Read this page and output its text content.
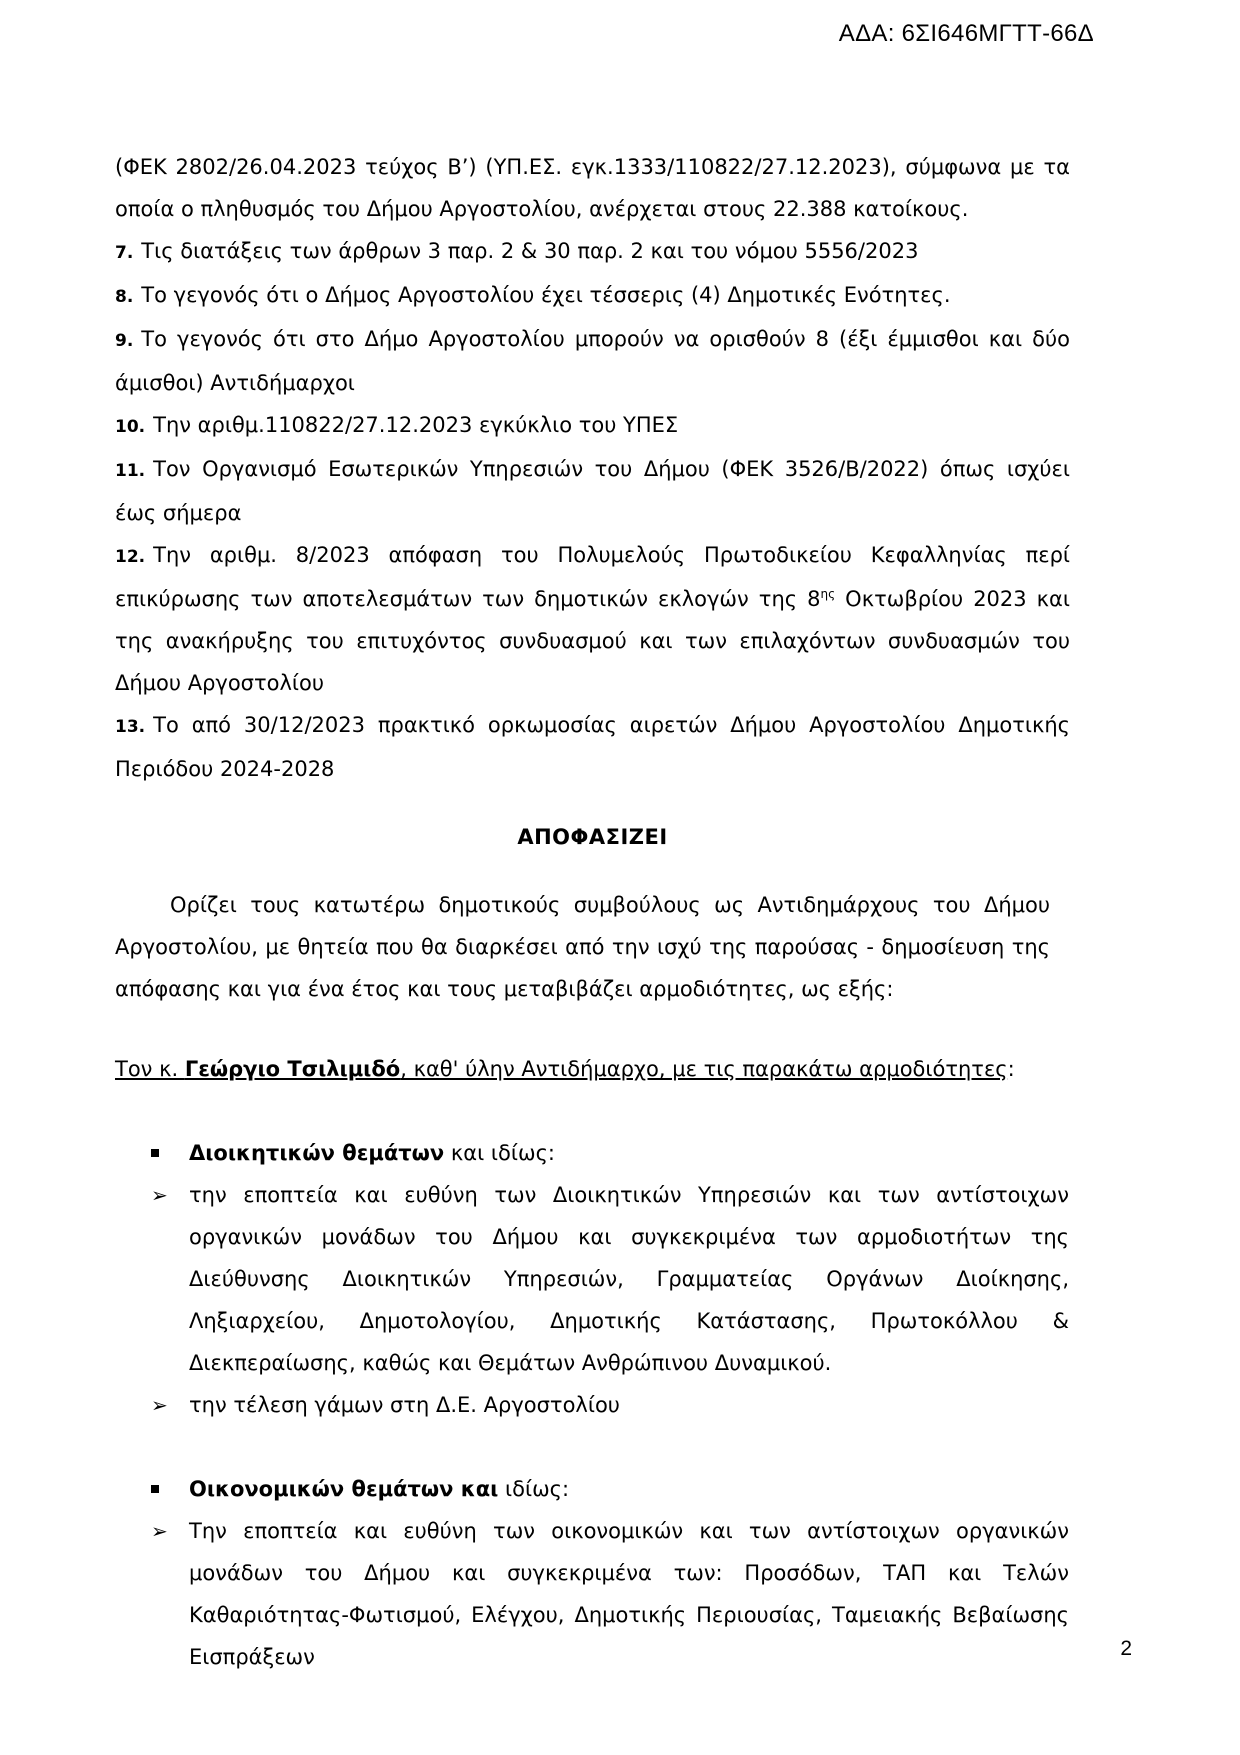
ΑΔΑ: 6ΣΙ646ΜΓΤΤ-66Δ

(ΦΕΚ 2802/26.04.2023 τεύχος Β’) (ΥΠ.ΕΣ. εγκ.1333/110822/27.12.2023), σύμφωνα με τα οποία ο πληθυσμός του Δήμου Αργοστολίου, ανέρχεται στους 22.388 κατοίκους.

7. Τις διατάξεις των άρθρων 3 παρ. 2 & 30 παρ. 2 και του νόμου 5556/2023

8. Το γεγονός ότι ο Δήμος Αργοστολίου έχει τέσσερις (4) Δημοτικές Ενότητες.

9. Το γεγονός ότι στο Δήμο Αργοστολίου μπορούν να ορισθούν 8 (έξι έμμισθοι και δύο άμισθοι) Αντιδήμαρχοι

10. Την αριθμ.110822/27.12.2023 εγκύκλιο του ΥΠΕΣ

11. Τον Οργανισμό Εσωτερικών Υπηρεσιών του Δήμου (ΦΕΚ 3526/Β/2022) όπως ισχύει έως σήμερα

12. Την αριθμ. 8/2023 απόφαση του Πολυμελούς Πρωτοδικείου Κεφαλληνίας περί επικύρωσης των αποτελεσμάτων των δημοτικών εκλογών της $8^{\eta\varsigma}$ Οκτωβρίου 2023 και της ανακήρυξης του επιτυχόντος συνδυασμού και των επιλαχόντων συνδυασμών του Δήμου Αργοστολίου

13. Το από 30/12/2023 πρακτικό ορκωμοσίας αιρετών Δήμου Αργοστολίου Δημοτικής Περιόδου 2024-2028

ΑΠΟΦΑΣΙΖΕΙ

Ορίζει τους κατωτέρω δημοτικούς συμβούλους ως Αντιδημάρχους του Δήμου Αργοστολίου, με θητεία που θα διαρκέσει από την ισχύ της παρούσας - δημοσίευση της απόφασης και για ένα έτος και τους μεταβιβάζει αρμοδιότητες, ως εξής:

Τον κ. Γεώργιο Τσιλιμιδό, καθ' ύλην Αντιδήμαρχο, με τις παρακάτω αρμοδιότητες:

Διοικητικών θεμάτων και ιδίως:

➢ την εποπτεία και ευθύνη των Διοικητικών Υπηρεσιών και των αντίστοιχων οργανικών μονάδων του Δήμου και συγκεκριμένα των αρμοδιοτήτων της Διεύθυνσης Διοικητικών Υπηρεσιών, Γραμματείας Οργάνων Διοίκησης, Ληξιαρχείου, Δημοτολογίου, Δημοτικής Κατάστασης, Πρωτοκόλλου & Διεκπεραίωσης, καθώς και Θεμάτων Ανθρώπινου Δυναμικού.

➢ την τέλεση γάμων στη Δ.Ε. Αργοστολίου

Οικονομικών θεμάτων και ιδίως:

➢ Την εποπτεία και ευθύνη των οικονομικών και των αντίστοιχων οργανικών μονάδων του Δήμου και συγκεκριμένα των: Προσόδων, ΤΑΠ και Τελών Καθαριότητας-Φωτισμού, Ελέγχου, Δημοτικής Περιουσίας, Ταμειακής Βεβαίωσης Εισπράξεων	2
